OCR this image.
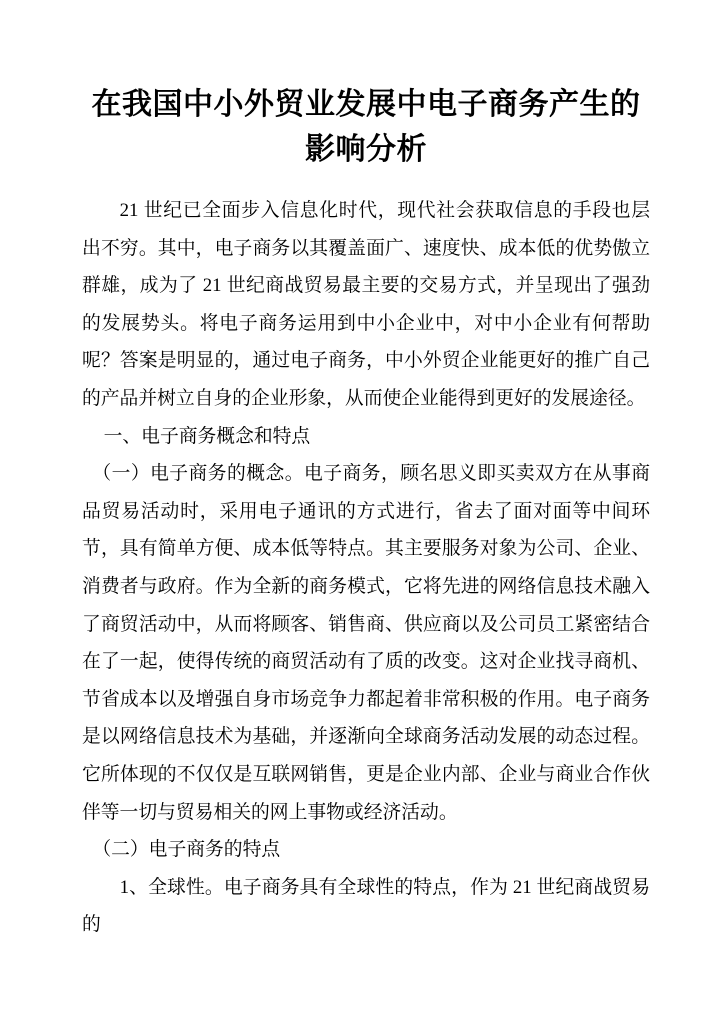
在我国中小外贸业发展中电子商务产生的影响分析

21 世纪已全面步入信息化时代，现代社会获取信息的手段也层出不穷。其中，电子商务以其覆盖面广、速度快、成本低的优势傲立群雄，成为了 21 世纪商战贸易最主要的交易方式，并呈现出了强劲的发展势头。将电子商务运用到中小企业中，对中小企业有何帮助呢？答案是明显的，通过电子商务，中小外贸企业能更好的推广自己的产品并树立自身的企业形象，从而使企业能得到更好的发展途径。

一、电子商务概念和特点

（一）电子商务的概念。电子商务，顾名思义即买卖双方在从事商品贸易活动时，采用电子通讯的方式进行，省去了面对面等中间环节，具有简单方便、成本低等特点。其主要服务对象为公司、企业、消费者与政府。作为全新的商务模式，它将先进的网络信息技术融入了商贸活动中，从而将顾客、销售商、供应商以及公司员工紧密结合在了一起，使得传统的商贸活动有了质的改变。这对企业找寻商机、节省成本以及增强自身市场竞争力都起着非常积极的作用。电子商务是以网络信息技术为基础，并逐渐向全球商务活动发展的动态过程。它所体现的不仅仅是互联网销售，更是企业内部、企业与商业合作伙伴等一切与贸易相关的网上事物或经济活动。

（二）电子商务的特点

1、全球性。电子商务具有全球性的特点，作为 21 世纪商战贸易的
